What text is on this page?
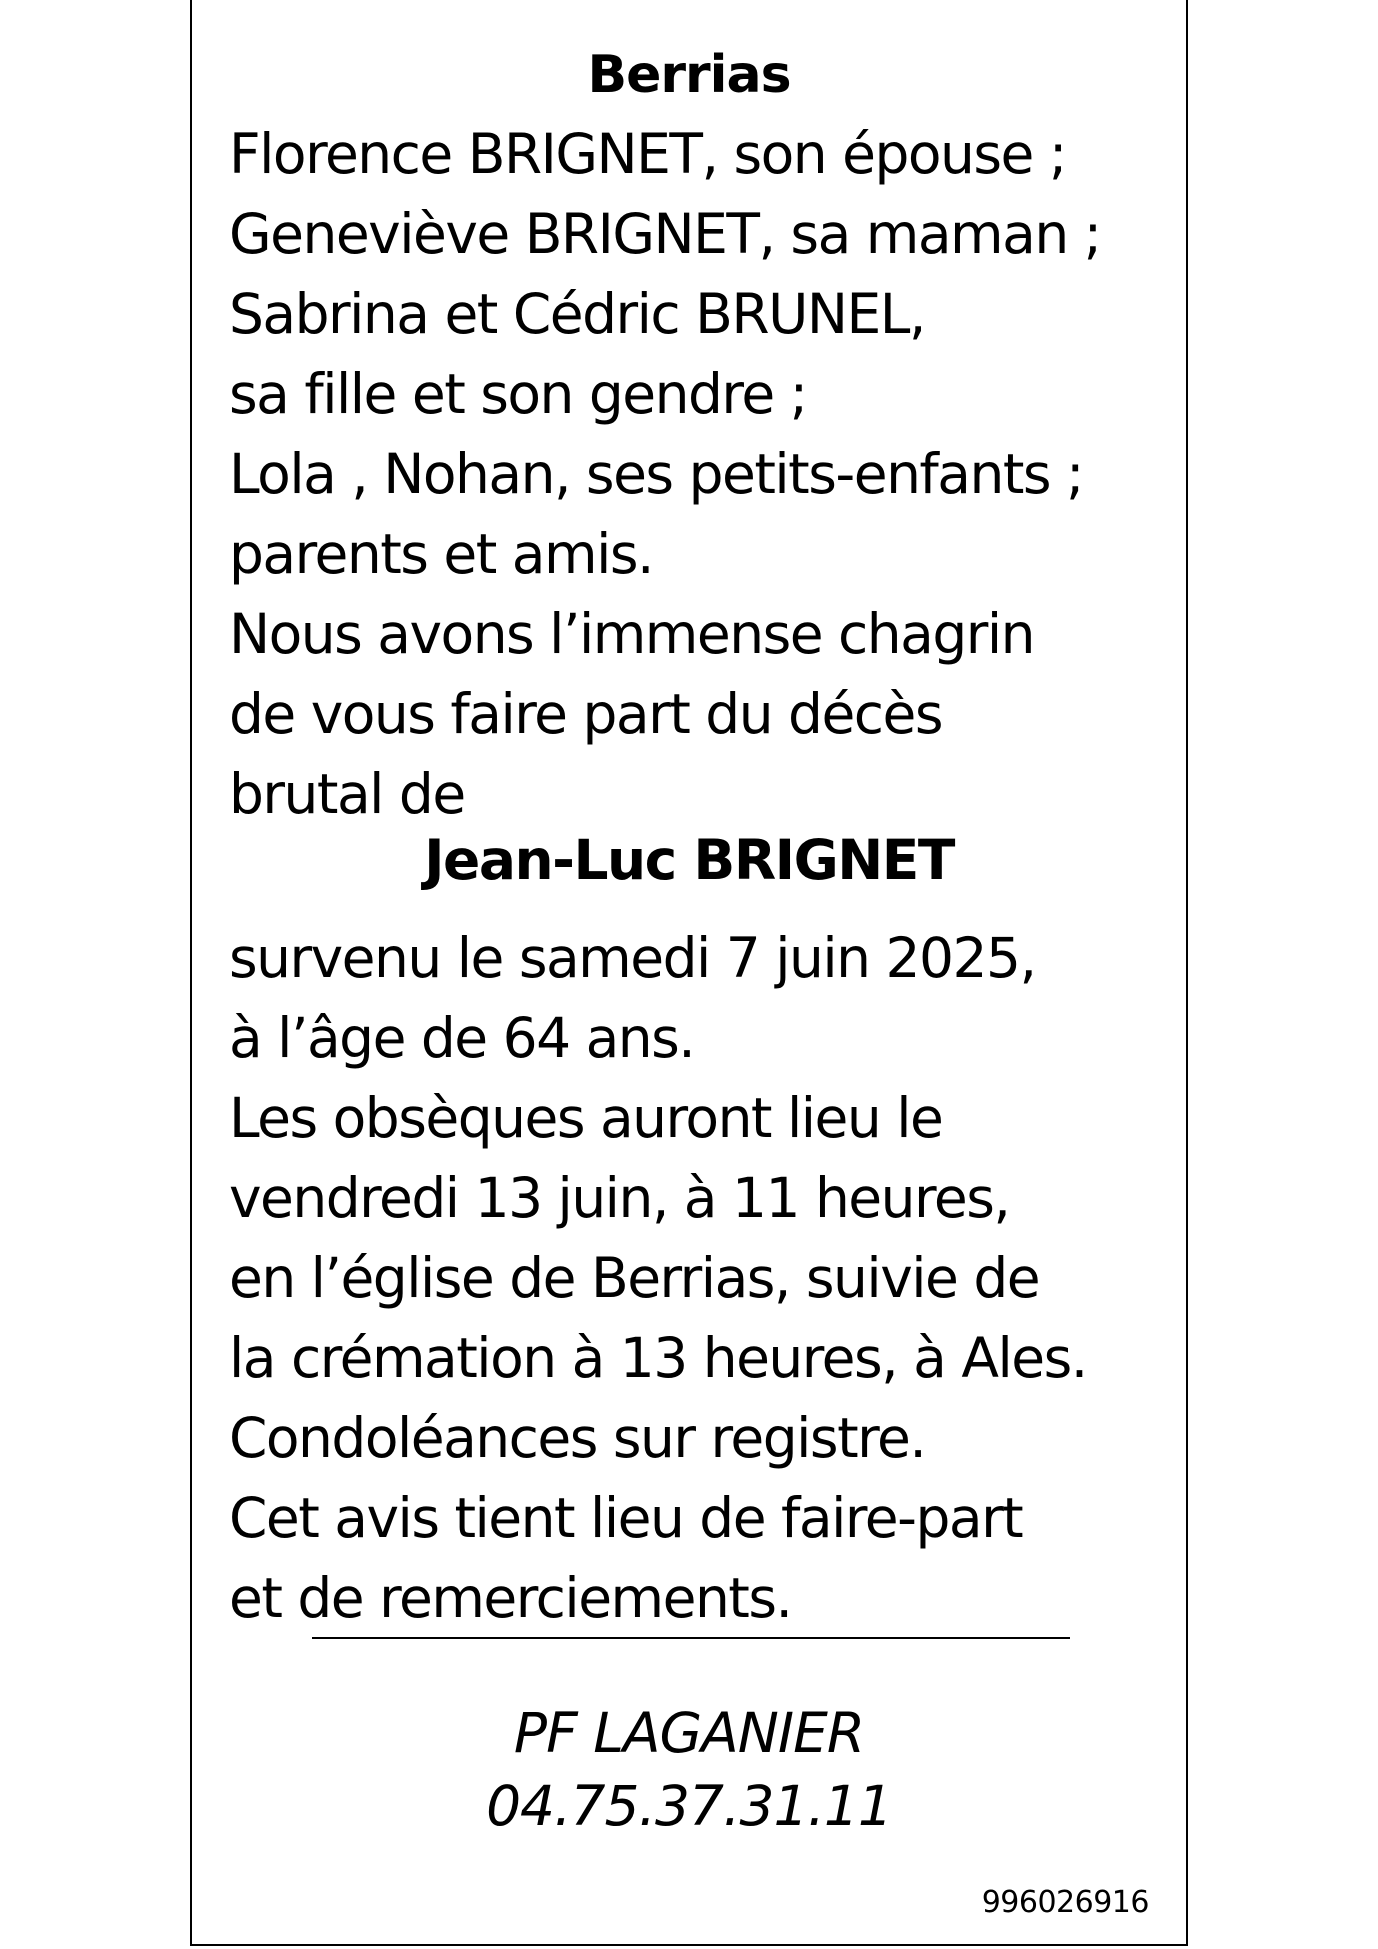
Berrias
Florence BRIGNET, son épouse ;
Geneviève BRIGNET, sa maman ;
Sabrina et Cédric BRUNEL,
sa fille et son gendre ;
Lola , Nohan, ses petits-enfants ;
parents et amis.
Nous avons l’immense chagrin
de vous faire part du décès
brutal de
Jean-Luc BRIGNET
survenu le samedi 7 juin 2025,
à l’âge de 64 ans.
Les obsèques auront lieu le
vendredi 13 juin, à 11 heures,
en l’église de Berrias, suivie de
la crémation à 13 heures, à Ales.
Condoléances sur registre.
Cet avis tient lieu de faire-part
et de remerciements.
PF LAGANIER
04.75.37.31.11
996026916
